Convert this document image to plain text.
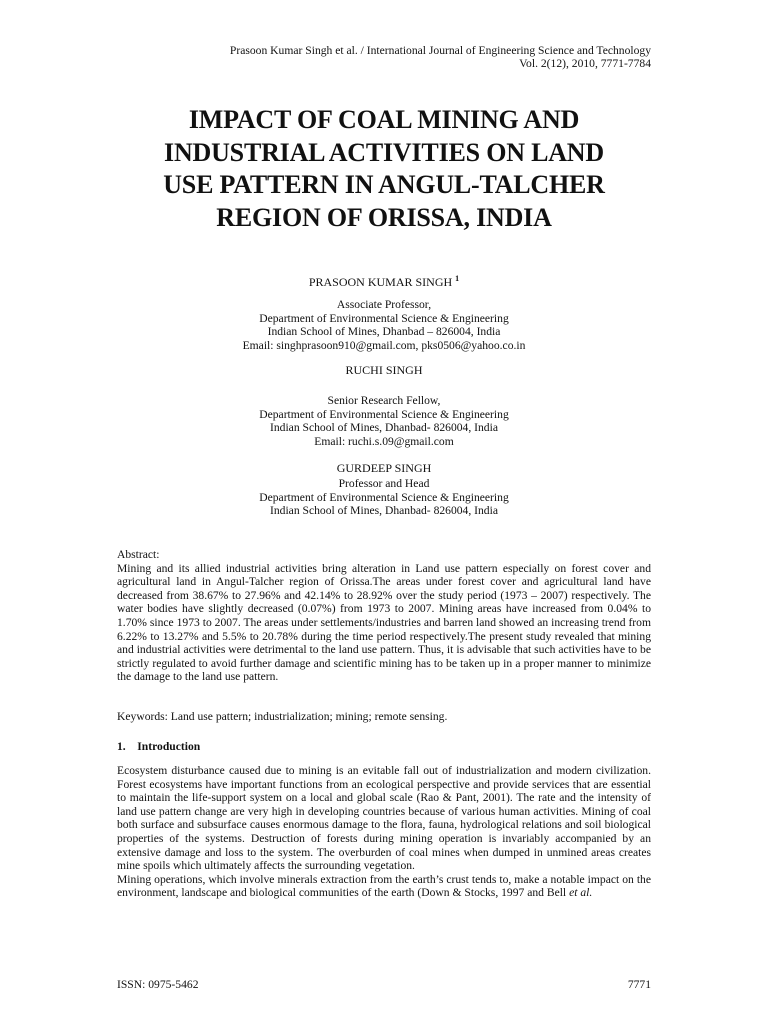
Prasoon Kumar Singh et al. / International Journal of Engineering Science and Technology
Vol. 2(12), 2010, 7771-7784
IMPACT OF COAL MINING AND
INDUSTRIAL ACTIVITIES ON LAND
USE PATTERN IN ANGUL-TALCHER
REGION OF ORISSA, INDIA
PRASOON KUMAR SINGH $^1$
Associate Professor,
Department of Environmental Science & Engineering
Indian School of Mines, Dhanbad – 826004, India
Email: singhprasoon910@gmail.com, pks0506@yahoo.co.in
RUCHI SINGH
Senior Research Fellow,
Department of Environmental Science & Engineering
Indian School of Mines, Dhanbad- 826004, India
Email: ruchi.s.09@gmail.com
GURDEEP SINGH
Professor and Head
Department of Environmental Science & Engineering
Indian School of Mines, Dhanbad- 826004, India
Abstract:
Mining and its allied industrial activities bring alteration in Land use pattern especially on forest cover and agricultural land in Angul-Talcher region of Orissa.The areas under forest cover and agricultural land have decreased from 38.67% to 27.96% and 42.14% to 28.92% over the study period (1973 – 2007) respectively. The water bodies have slightly decreased (0.07%) from 1973 to 2007. Mining areas have increased from 0.04% to 1.70% since 1973 to 2007. The areas under settlements/industries and barren land showed an increasing trend from 6.22% to 13.27% and 5.5% to 20.78% during the time period respectively.The present study revealed that mining and industrial activities were detrimental to the land use pattern. Thus, it is advisable that such activities have to be strictly regulated to avoid further damage and scientific mining has to be taken up in a proper manner to minimize the damage to the land use pattern.
Keywords: Land use pattern; industrialization; mining; remote sensing.
1. Introduction

Ecosystem disturbance caused due to mining is an evitable fall out of industrialization and modern civilization. Forest ecosystems have important functions from an ecological perspective and provide services that are essential to maintain the life-support system on a local and global scale (Rao & Pant, 2001). The rate and the intensity of land use pattern change are very high in developing countries because of various human activities. Mining of coal both surface and subsurface causes enormous damage to the flora, fauna, hydrological relations and soil biological properties of the systems. Destruction of forests during mining operation is invariably accompanied by an extensive damage and loss to the system. The overburden of coal mines when dumped in unmined areas creates mine spoils which ultimately affects the surrounding vegetation.

Mining operations, which involve minerals extraction from the earth’s crust tends to, make a notable impact on the environment, landscape and biological communities of the earth (Down & Stocks, 1997 and Bell et al.

ISSN: 0975-5462	7771
